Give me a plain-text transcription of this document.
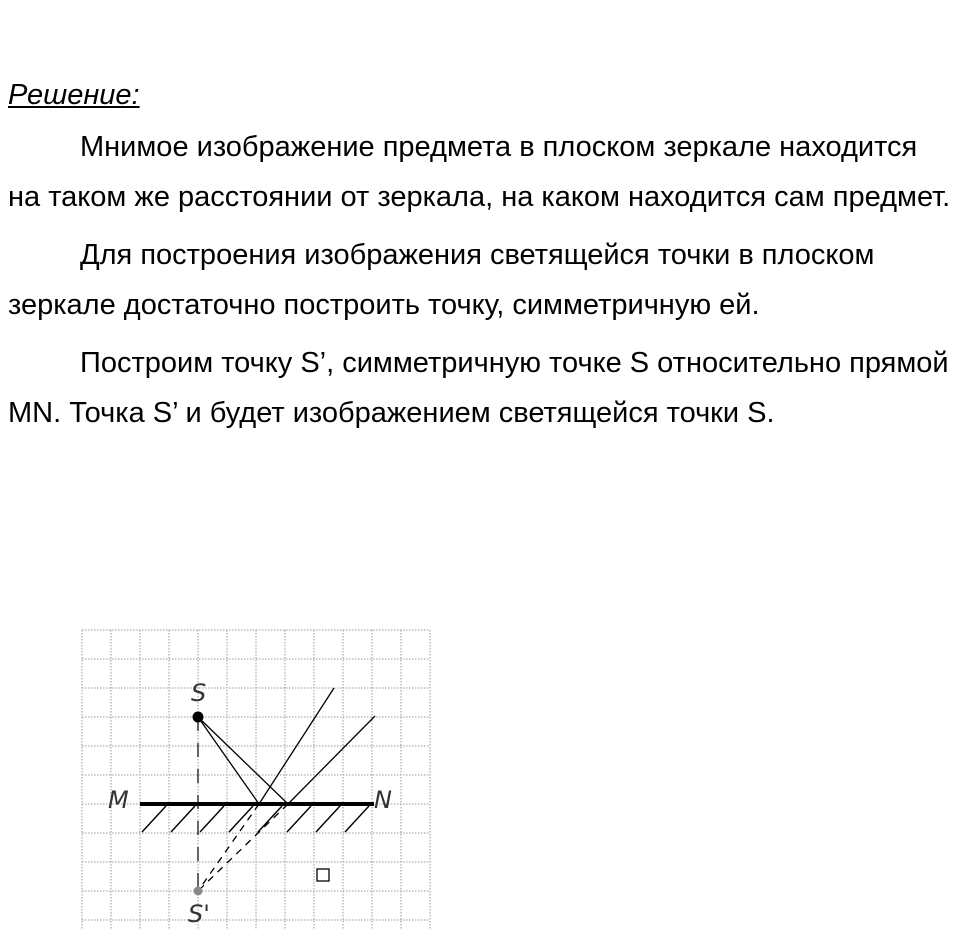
Решение:

Мнимое изображение предмета в плоском зеркале находится на таком же расстоянии от зеркала, на каком находится сам предмет.

Для построения изображения светящейся точки в плоском зеркале достаточно построить точку, симметричную ей.

Построим точку S’, симметричную точке S относительно прямой MN. Точка S’ и будет изображением светящейся точки S.

S
S'
M	N
